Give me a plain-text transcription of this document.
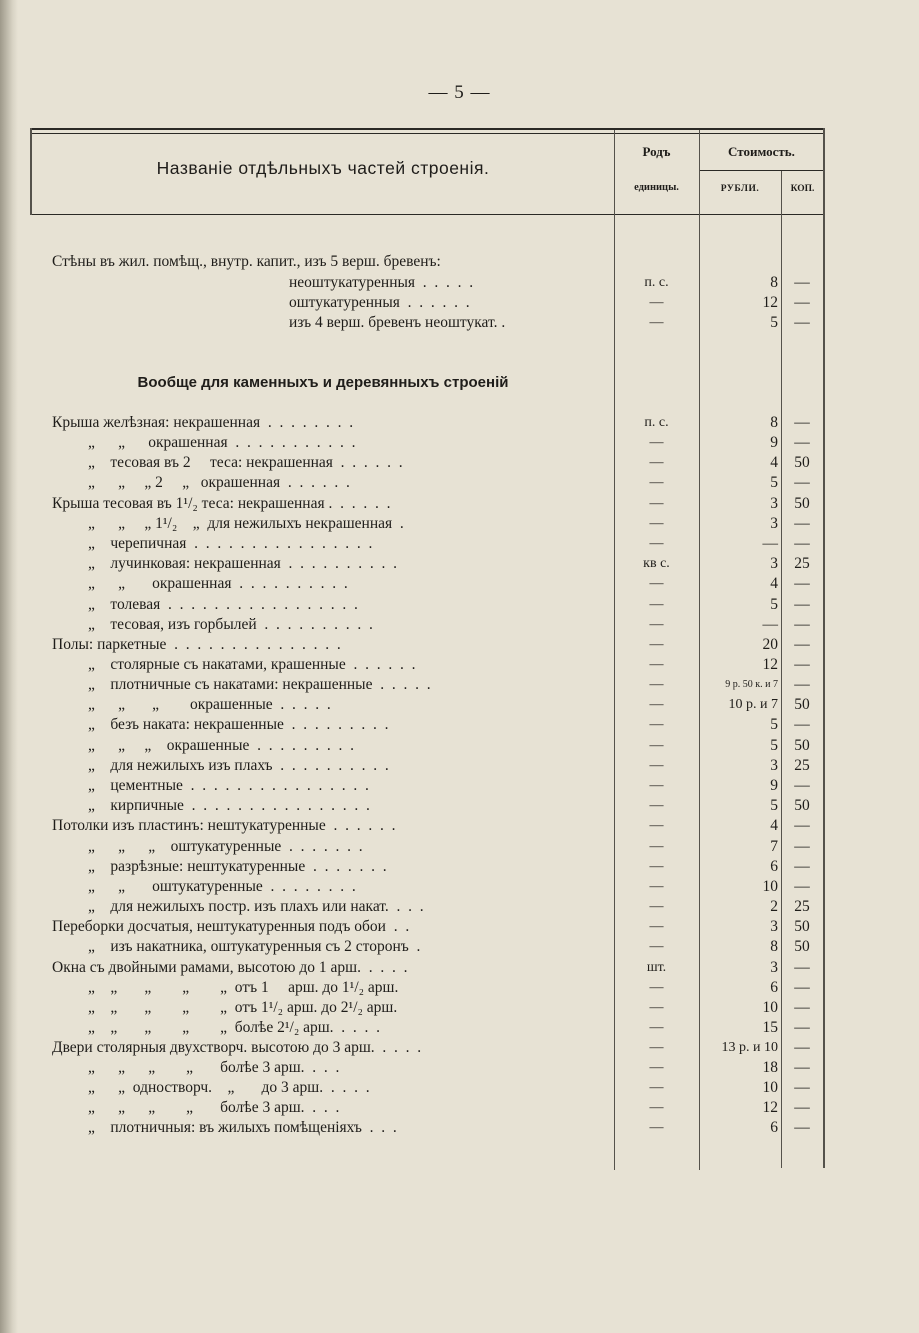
— 5 —
Названіе отдѣльныхъ частей строенія.
Родъ
единицы.
Стоимость.
РУБЛИ.	КОП.
Вообще для каменныхъ и деревянныхъ строеній
Стѣны въ жил. помѣщ., внутр. капит., изъ 5 верш. бревенъ:
неоштукатуренныя  .  .  .  .  .	п. с.	8	—
оштукатуренныя  .  .  .  .  .  .	—	12	—
изъ 4 верш. бревенъ неоштукат. .	—	5	—
Крыша желѣзная: некрашенная  .  .  .  .  .  .  .  .	п. с.	8	—
„      „      окрашенная  .  .  .  .  .  .  .  .  .  .  .	—	9	—
„    тесовая въ 2     теса: некрашенная  .  .  .  .  .  .	—	4	50
„      „     „ 2     „   окрашенная  .  .  .  .  .  .	—	5	—
Крыша тесовая въ 1¹/₂ теса: некрашенная .  .  .  .  .  .	—	3	50
„      „     „ 1¹/₂    „  для нежилыхъ некрашенная  .	—	3	—
„    черепичная  .  .  .  .  .  .  .  .  .  .  .  .  .  .  .  .	—	—	—
„    лучинковая: некрашенная  .  .  .  .  .  .  .  .  .  .	кв с.	3	25
„      „       окрашенная  .  .  .  .  .  .  .  .  .  .	—	4	—
„    толевая  .  .  .  .  .  .  .  .  .  .  .  .  .  .  .  .  .	—	5	—
„    тесовая, изъ горбылей  .  .  .  .  .  .  .  .  .  .	—	—	—
Полы: паркетные  .  .  .  .  .  .  .  .  .  .  .  .  .  .  .	—	20	—
„    столярные съ накатами, крашенные  .  .  .  .  .  .	—	12	—
„    плотничные съ накатами: некрашенные  .  .  .  .  .	—	9 р. 50 к. и 7	—
„      „       „        окрашенные  .  .  .  .  .	—	10 р. и 7	50
„    безъ наката: некрашенные  .  .  .  .  .  .  .  .  .	—	5	—
„      „     „    окрашенные  .  .  .  .  .  .  .  .  .	—	5	50
„    для нежилыхъ изъ плахъ  .  .  .  .  .  .  .  .  .  .	—	3	25
„    цементные  .  .  .  .  .  .  .  .  .  .  .  .  .  .  .  .	—	9	—
„    кирпичные  .  .  .  .  .  .  .  .  .  .  .  .  .  .  .  .	—	5	50
Потолки изъ пластинъ: нештукатуренные  .  .  .  .  .  .	—	4	—
„      „      „    оштукатуренные  .  .  .  .  .  .  .	—	7	—
„    разрѣзные: нештукатуренные  .  .  .  .  .  .  .	—	6	—
„      „       оштукатуренные  .  .  .  .  .  .  .  .	—	10	—
„    для нежилыхъ постр. изъ плахъ или накат.  .  .  .	—	2	25
Переборки досчатыя, нештукатуренныя подъ обои  .  .	—	3	50
„    изъ накатника, оштукатуренныя съ 2 сторонъ  .	—	8	50
Окна съ двойными рамами, высотою до 1 арш.  .  .  .  .	шт.	3	—
„    „       „        „        „  отъ 1     арш. до 1¹/₂ арш.	—	6	—
„    „       „        „        „  отъ 1¹/₂ арш. до 2¹/₂ арш.	—	10	—
„    „       „        „        „  болѣе 2¹/₂ арш.  .  .  .  .	—	15	—
Двери столярныя двухстворч. высотою до 3 арш.  .  .  .  .	—	13 р. и 10	—
„      „      „        „       болѣе 3 арш.  .  .  .	—	18	—
„      „  одностворч.    „       до 3 арш.  .  .  .  .	—	10	—
„      „      „        „       болѣе 3 арш.  .  .  .	—	12	—
„    плотничныя: въ жилыхъ помѣщеніяхъ  .  .  .	—	6	—
